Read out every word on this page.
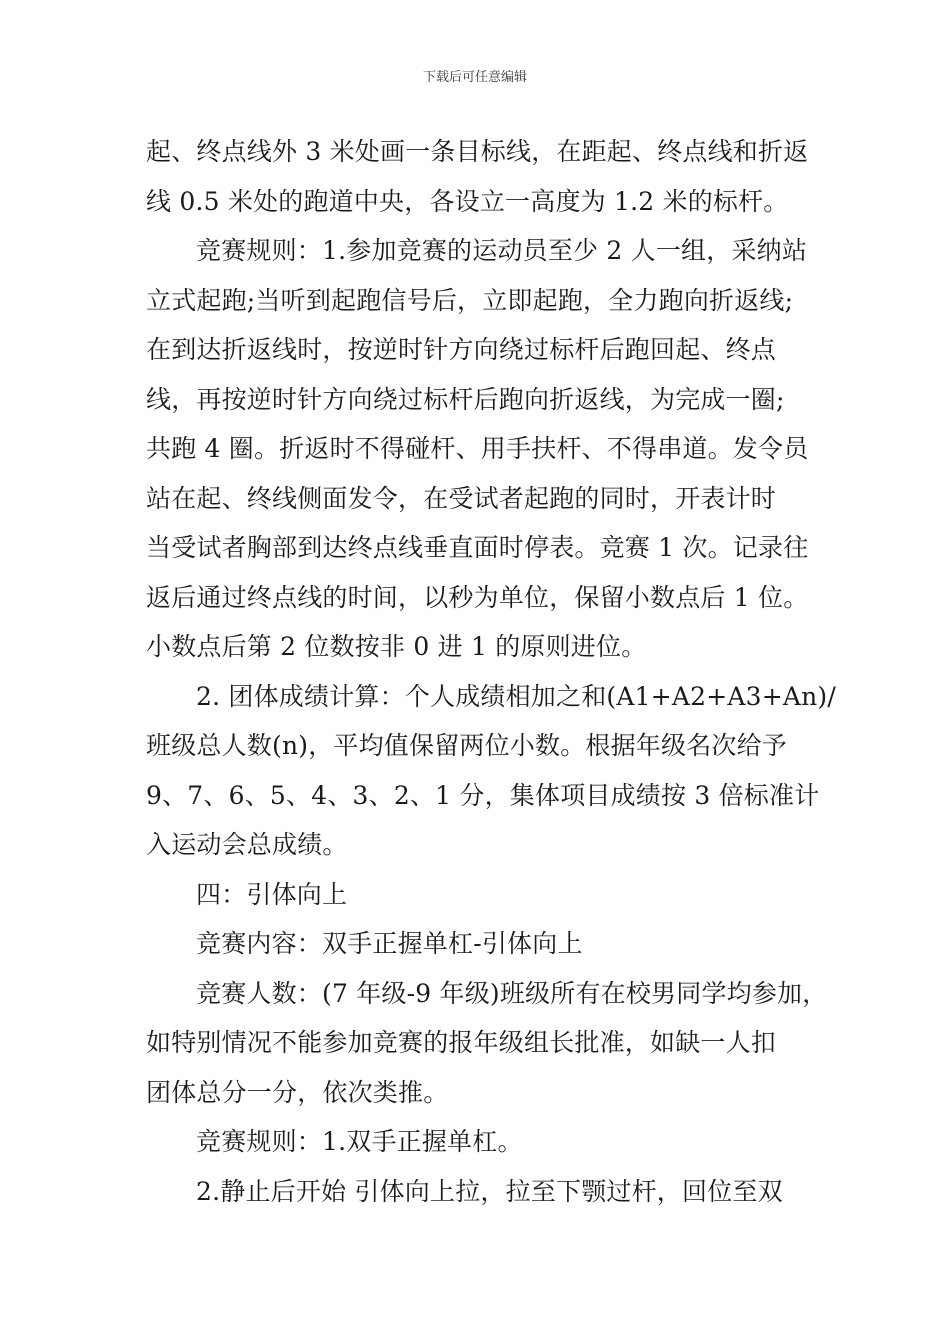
下载后可任意编辑
起、终点线外 3 米处画一条目标线，在距起、终点线和折返
线 0.5 米处的跑道中央，各设立一高度为 1.2 米的标杆。
竞赛规则：1.参加竞赛的运动员至少 2 人一组，采纳站
立式起跑;当听到起跑信号后，立即起跑，全力跑向折返线;
在到达折返线时，按逆时针方向绕过标杆后跑回起、终点
线，再按逆时针方向绕过标杆后跑向折返线，为完成一圈;
共跑 4 圈。折返时不得碰杆、用手扶杆、不得串道。发令员
站在起、终线侧面发令，在受试者起跑的同时，开表计时
当受试者胸部到达终点线垂直面时停表。竞赛 1 次。记录往
返后通过终点线的时间，以秒为单位，保留小数点后 1 位。
小数点后第 2 位数按非 0 进 1 的原则进位。
2. 团体成绩计算：个人成绩相加之和(A1+A2+A3+An)/
班级总人数(n)，平均值保留两位小数。根据年级名次给予
9、7、6、5、4、3、2、1 分，集体项目成绩按 3 倍标准计
入运动会总成绩。
四：引体向上
竞赛内容：双手正握单杠-引体向上
竞赛人数：(7 年级-9 年级)班级所有在校男同学均参加，
如特别情况不能参加竞赛的报年级组长批准，如缺一人扣
团体总分一分，依次类推。
竞赛规则：1.双手正握单杠。
2.静止后开始 引体向上拉，拉至下颚过杆，回位至双
